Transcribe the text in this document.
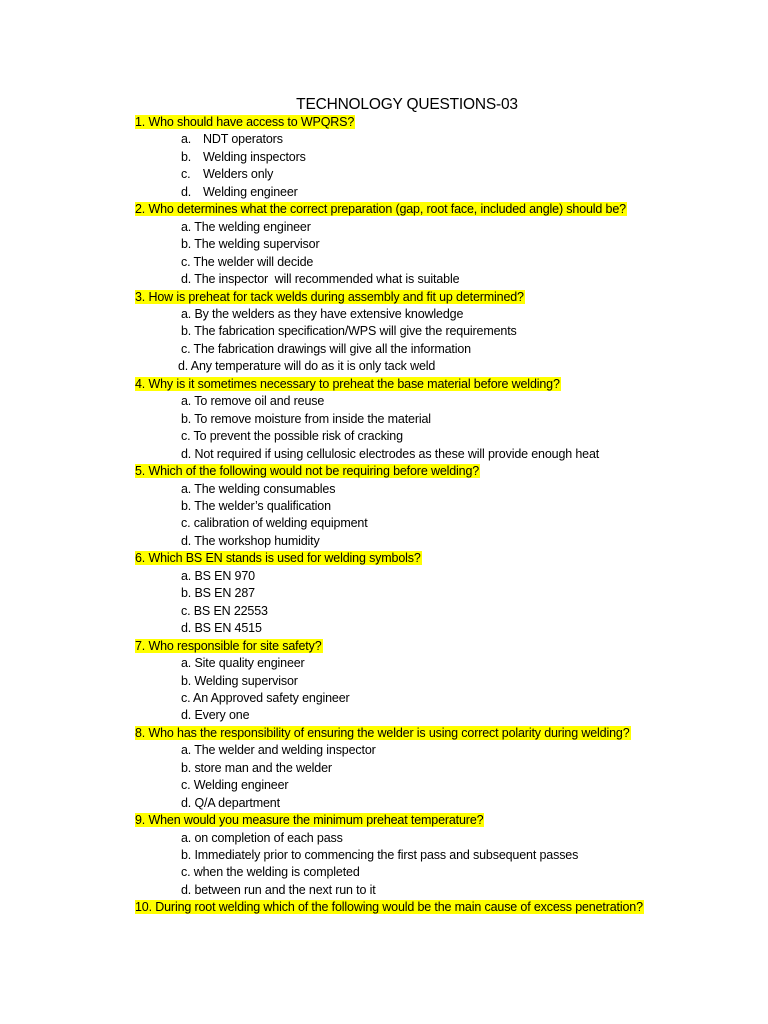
TECHNOLOGY QUESTIONS-03
1. Who should have access to WPQRS?
a. NDT operators
b. Welding inspectors
c. Welders only
d. Welding engineer
2. Who determines what the correct preparation (gap, root face, included angle) should be?
a. The welding engineer
b. The welding supervisor
c. The welder will decide
d. The inspector  will recommended what is suitable
3. How is preheat for tack welds during assembly and fit up determined?
a. By the welders as they have extensive knowledge
b. The fabrication specification/WPS will give the requirements
c. The fabrication drawings will give all the information
d. Any temperature will do as it is only tack weld
4. Why is it sometimes necessary to preheat the base material before welding?
a. To remove oil and reuse
b. To remove moisture from inside the material
c. To prevent the possible risk of cracking
d. Not required if using cellulosic electrodes as these will provide enough heat
5. Which of the following would not be requiring before welding?
a. The welding consumables
b. The welder’s qualification
c. calibration of welding equipment
d. The workshop humidity
6. Which BS EN stands is used for welding symbols?
a. BS EN 970
b. BS EN 287
c. BS EN 22553
d. BS EN 4515
7. Who responsible for site safety?
a. Site quality engineer
b. Welding supervisor
c. An Approved safety engineer
d. Every one
8. Who has the responsibility of ensuring the welder is using correct polarity during welding?
a. The welder and welding inspector
b. store man and the welder
c. Welding engineer
d. Q/A department
9. When would you measure the minimum preheat temperature?
a. on completion of each pass
b. Immediately prior to commencing the first pass and subsequent passes
c. when the welding is completed
d. between run and the next run to it
10. During root welding which of the following would be the main cause of excess penetration?
